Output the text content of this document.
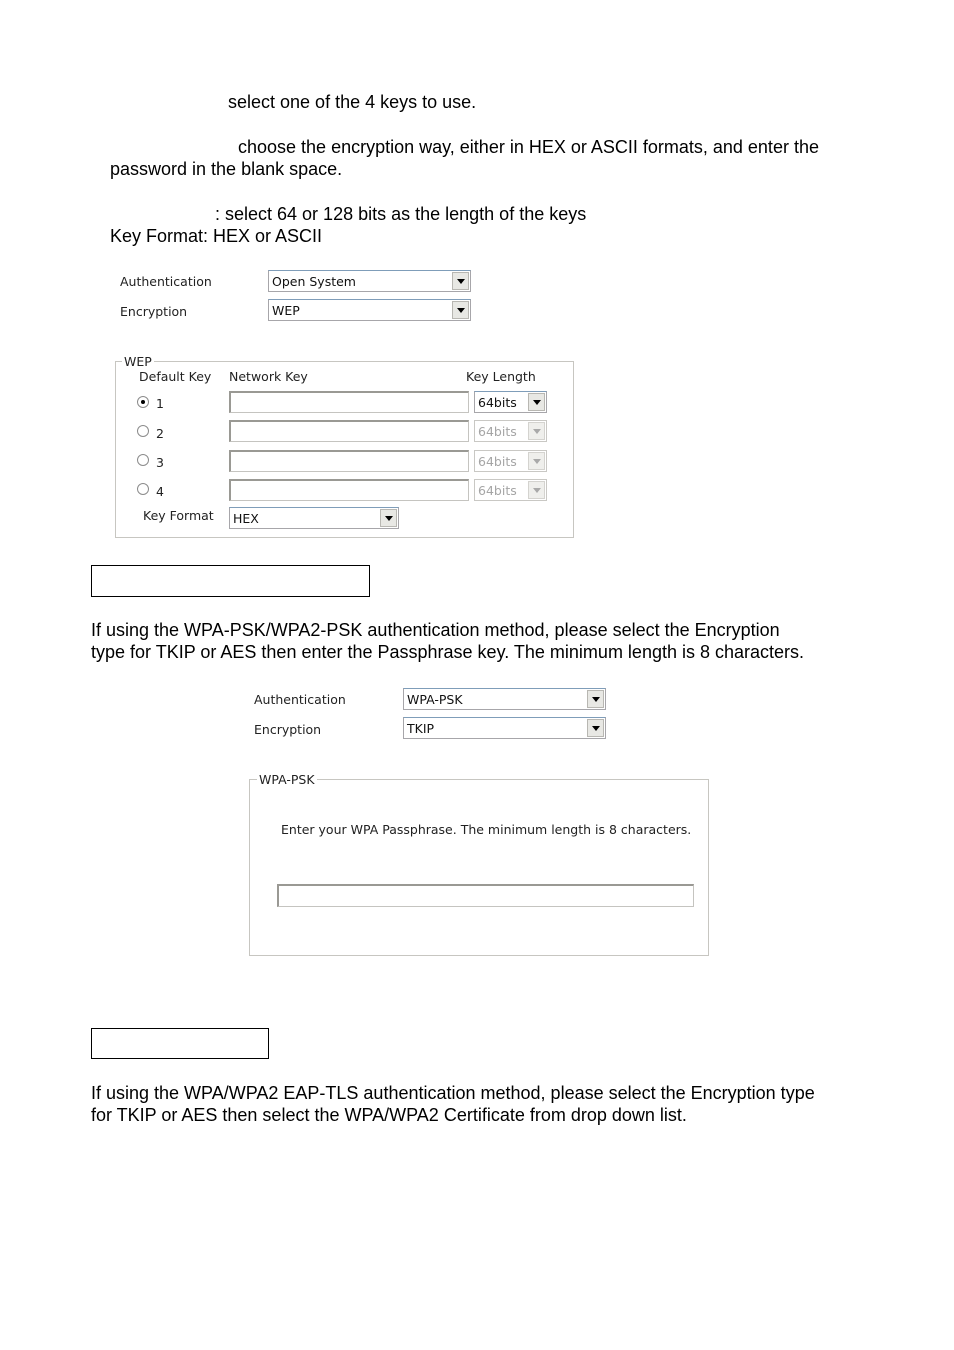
select one of the 4 keys to use.
choose the encryption way, either in HEX or ASCII formats, and enter the
password in the blank space.
: select 64 or 128 bits as the length of the keys
Key Format: HEX or ASCII
Authentication	Open System
Encryption	WEP
WEP
Default Key Network Key	Key Length
1	64bits
2	64bits
3	64bits
4	64bits
Key Format HEX
If using the WPA-PSK/WPA2-PSK authentication method, please select the Encryption
type for TKIP or AES then enter the Passphrase key. The minimum length is 8 characters.
Authentication	WPA-PSK
Encryption	TKIP
WPA-PSK
Enter your WPA Passphrase. The minimum length is 8 characters.
If using the WPA/WPA2 EAP-TLS authentication method, please select the Encryption type
for TKIP or AES then select the WPA/WPA2 Certificate from drop down list.
